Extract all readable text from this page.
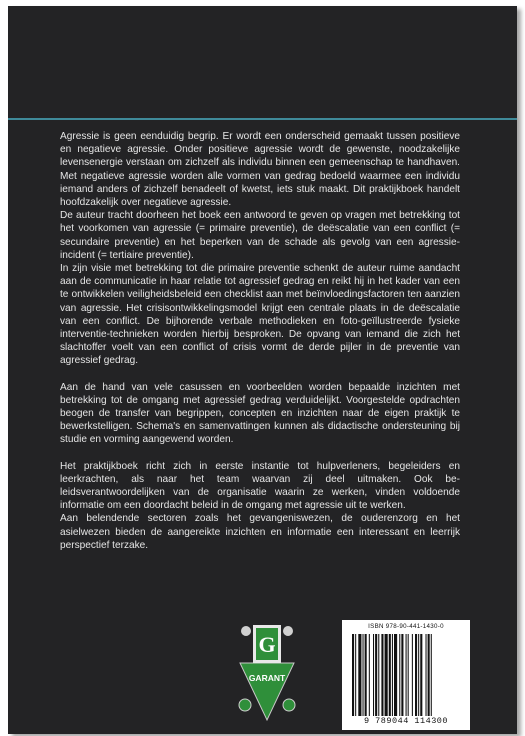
Agressie is geen eenduidig begrip. Er wordt een onderscheid gemaakt tussen positieve en negatieve agressie. Onder positieve agressie wordt de gewenste, noodzakelijke levensenergie verstaan om zichzelf als individu binnen een gemeenschap te handhaven. Met negatieve agressie worden alle vormen van gedrag bedoeld waarmee een individu iemand anders of zichzelf benadeelt of kwetst, iets stuk maakt. Dit praktijkboek handelt hoofdzakelijk over negatieve agressie.

De auteur tracht doorheen het boek een antwoord te geven op vragen met betrekking tot het voorkomen van agressie (= primaire preventie), de deëscalatie van een conflict (= secundaire preventie) en het beperken van de schade als gevolg van een agressie-incident (= tertiaire preventie).

In zijn visie met betrekking tot die primaire preventie schenkt de auteur ruime aandacht aan de communicatie in haar relatie tot agressief gedrag en reikt hij in het kader van een te ontwikkelen veiligheidsbeleid een checklist aan met beïnvloedingsfactoren ten aanzien van agressie. Het crisisontwikkelingsmodel krijgt een centrale plaats in de deëscalatie van een conflict. De bijhorende verbale methodieken en foto-geïllustreerde fysieke interventie-technieken worden hierbij besproken. De opvang van iemand die zich het slachtoffer voelt van een conflict of crisis vormt de derde pijler in de preventie van agressief gedrag.

Aan de hand van vele casussen en voorbeelden worden bepaalde inzichten met betrekking tot de omgang met agressief gedrag verduidelijkt. Voorgestelde opdrachten beogen de transfer van begrippen, concepten en inzichten naar de eigen praktijk te bewerkstelligen. Schema's en samenvattingen kunnen als didactische ondersteuning bij studie en vorming aangewend worden.

Het praktijkboek richt zich in eerste instantie tot hulpverleners, begeleiders en leerkrachten, als naar het team waarvan zij deel uitmaken. Ook beleidsverantwoordelijken van de organisatie waarin ze werken, vinden voldoende informatie om een doordacht beleid in de omgang met agressie uit te werken.

Aan belendende sectoren zoals het gevangeniswezen, de ouderenzorg en het asielwezen bieden de aangereikte inzichten en informatie een interessant en leerrijk perspectief terzake.

G
GARANT
ISBN 978-90-441-1430-0
9 789044 114300
